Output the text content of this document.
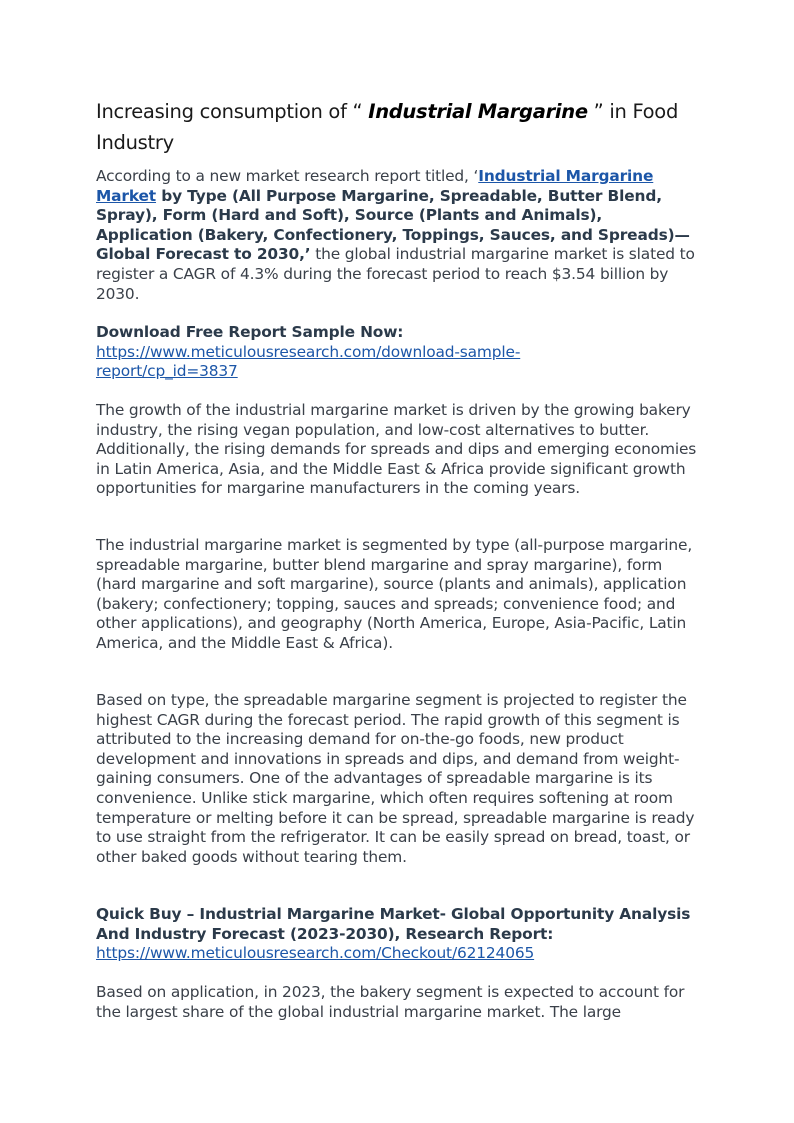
Increasing consumption of “ Industrial Margarine ” in Food Industry

According to a new market research report titled, ‘Industrial Margarine Market by Type (All Purpose Margarine, Spreadable, Butter Blend, Spray), Form (Hard and Soft), Source (Plants and Animals), Application (Bakery, Confectionery, Toppings, Sauces, and Spreads)—Global Forecast to 2030,’ the global industrial margarine market is slated to register a CAGR of 4.3% during the forecast period to reach $3.54 billion by 2030.

Download Free Report Sample Now: https://www.meticulousresearch.com/download-sample-report/cp_id=3837

The growth of the industrial margarine market is driven by the growing bakery industry, the rising vegan population, and low-cost alternatives to butter. Additionally, the rising demands for spreads and dips and emerging economies in Latin America, Asia, and the Middle East & Africa provide significant growth opportunities for margarine manufacturers in the coming years.

The industrial margarine market is segmented by type (all-purpose margarine, spreadable margarine, butter blend margarine and spray margarine), form (hard margarine and soft margarine), source (plants and animals), application (bakery; confectionery; topping, sauces and spreads; convenience food; and other applications), and geography (North America, Europe, Asia-Pacific, Latin America, and the Middle East & Africa).

Based on type, the spreadable margarine segment is projected to register the highest CAGR during the forecast period. The rapid growth of this segment is attributed to the increasing demand for on-the-go foods, new product development and innovations in spreads and dips, and demand from weight-gaining consumers. One of the advantages of spreadable margarine is its convenience. Unlike stick margarine, which often requires softening at room temperature or melting before it can be spread, spreadable margarine is ready to use straight from the refrigerator. It can be easily spread on bread, toast, or other baked goods without tearing them.

Quick Buy – Industrial Margarine Market- Global Opportunity Analysis And Industry Forecast (2023-2030), Research Report: https://www.meticulousresearch.com/Checkout/62124065

Based on application, in 2023, the bakery segment is expected to account for the largest share of the global industrial margarine market. The large
